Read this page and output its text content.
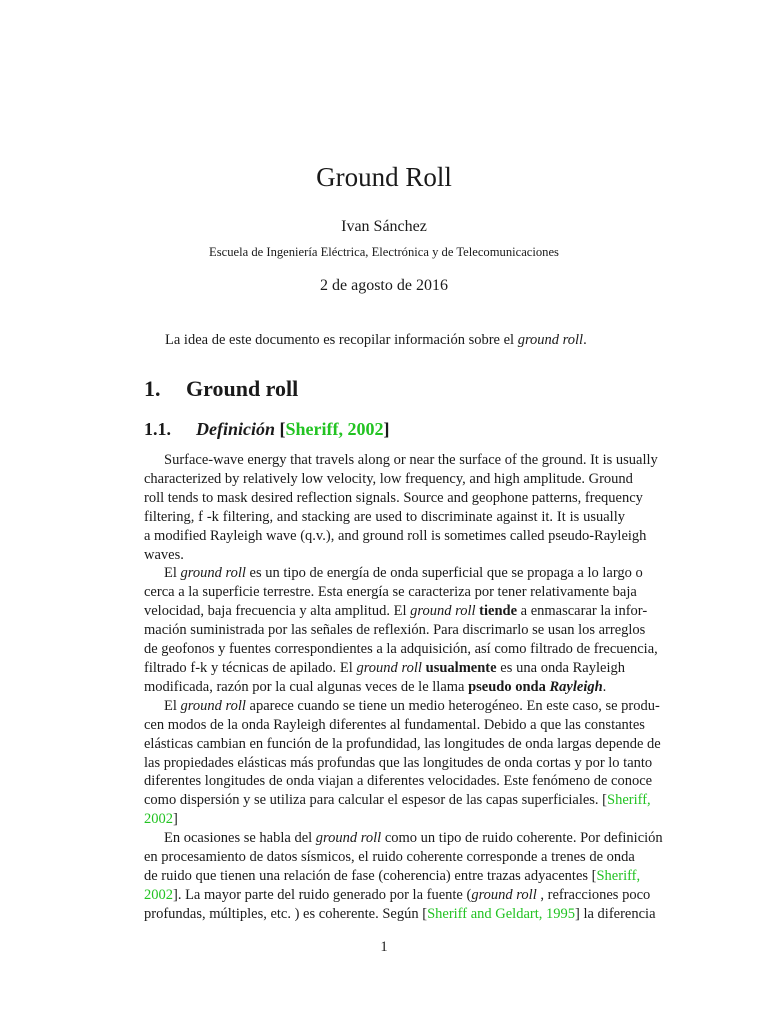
Ground Roll
Ivan Sánchez
Escuela de Ingeniería Eléctrica, Electrónica y de Telecomunicaciones
2 de agosto de 2016
La idea de este documento es recopilar información sobre el ground roll.
1. Ground roll
1.1. Definición [Sheriff, 2002]

Surface-wave energy that travels along or near the surface of the ground. It is usually
characterized by relatively low velocity, low frequency, and high amplitude. Ground
roll tends to mask desired reflection signals. Source and geophone patterns, frequency
filtering, f -k filtering, and stacking are used to discriminate against it. It is usually
a modified Rayleigh wave (q.v.), and ground roll is sometimes called pseudo-Rayleigh
waves.

El ground roll es un tipo de energía de onda superficial que se propaga a lo largo o
cerca a la superficie terrestre. Esta energía se caracteriza por tener relativamente baja
velocidad, baja frecuencia y alta amplitud. El ground roll tiende a enmascarar la infor-
mación suministrada por las señales de reflexión. Para discrimarlo se usan los arreglos
de geofonos y fuentes correspondientes a la adquisición, así como filtrado de frecuencia,
filtrado f-k y técnicas de apilado. El ground roll usualmente es una onda Rayleigh
modificada, razón por la cual algunas veces de le llama pseudo onda Rayleigh.

El ground roll aparece cuando se tiene un medio heterogéneo. En este caso, se produ-
cen modos de la onda Rayleigh diferentes al fundamental. Debido a que las constantes
elásticas cambian en función de la profundidad, las longitudes de onda largas depende de
las propiedades elásticas más profundas que las longitudes de onda cortas y por lo tanto
diferentes longitudes de onda viajan a diferentes velocidades. Este fenómeno de conoce
como dispersión y se utiliza para calcular el espesor de las capas superficiales. [Sheriff,
2002]

En ocasiones se habla del ground roll como un tipo de ruido coherente. Por definición
en procesamiento de datos sísmicos, el ruido coherente corresponde a trenes de onda
de ruido que tienen una relación de fase (coherencia) entre trazas adyacentes [Sheriff,
2002]. La mayor parte del ruido generado por la fuente (ground roll , refracciones poco
profundas, múltiples, etc. ) es coherente. Según [Sheriff and Geldart, 1995] la diferencia

1
